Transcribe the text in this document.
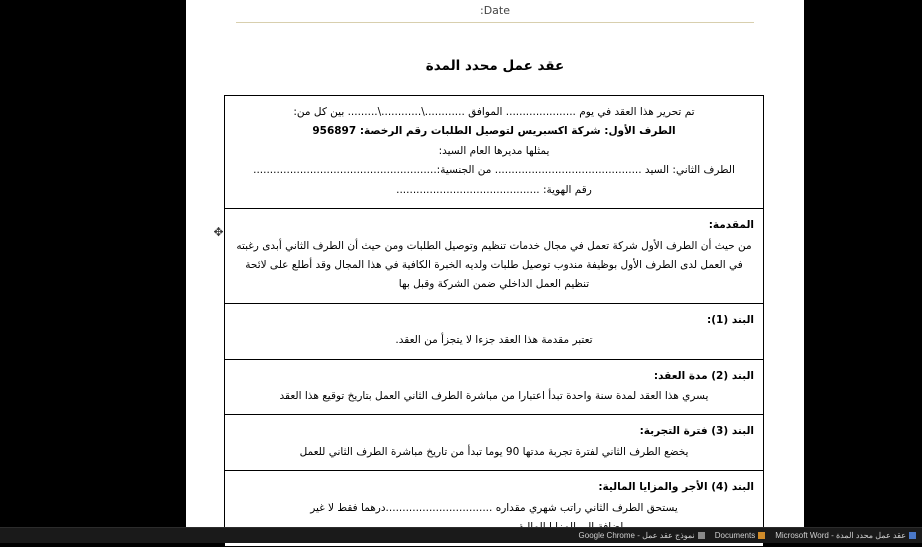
Date:
عقد عمل محدد المدة
تم تحرير هذا العقد في يوم ..................... الموافق ............\............\......... بين كل من:
الطرف الأول: شركة اكسبريس لتوصيل الطلبات رقم الرخصة: 956897
يمثلها مديرها العام السيد:
الطرف الثاني: السيد ............................................ من الجنسية:.......................................................
رقم الهوية: ...........................................

المقدمة:
من حيث أن الطرف الأول شركة تعمل في مجال خدمات تنظيم وتوصيل الطلبات ومن حيث أن الطرف الثاني أبدى رغبته في العمل لدى الطرف الأول بوظيفة مندوب توصيل طلبات ولديه الخبرة الكافية في هذا المجال وقد أطلع على لائحة تنظيم العمل الداخلي ضمن الشركة وقبل بها

البند (1):
تعتبر مقدمة هذا العقد جزءا لا يتجزأ من العقد.

البند (2) مدة العقد:
يسري هذا العقد لمدة سنة واحدة تبدأ اعتبارا من مباشرة الطرف الثاني العمل بتاريخ توقيع هذا العقد

البند (3) فترة التجربة:
يخضع الطرف الثاني لفترة تجربة مدتها 90 يوما تبدأ من تاريخ مباشرة الطرف الثاني للعمل

البند (4) الأجر والمزايا المالية:
يستحق الطرف الثاني راتب شهري مقداره ................................درهما فقط لا غير
✥
عقد عمل محدد المدة - Microsoft Word
Documents
نموذج عقد عمل - Google Chrome
